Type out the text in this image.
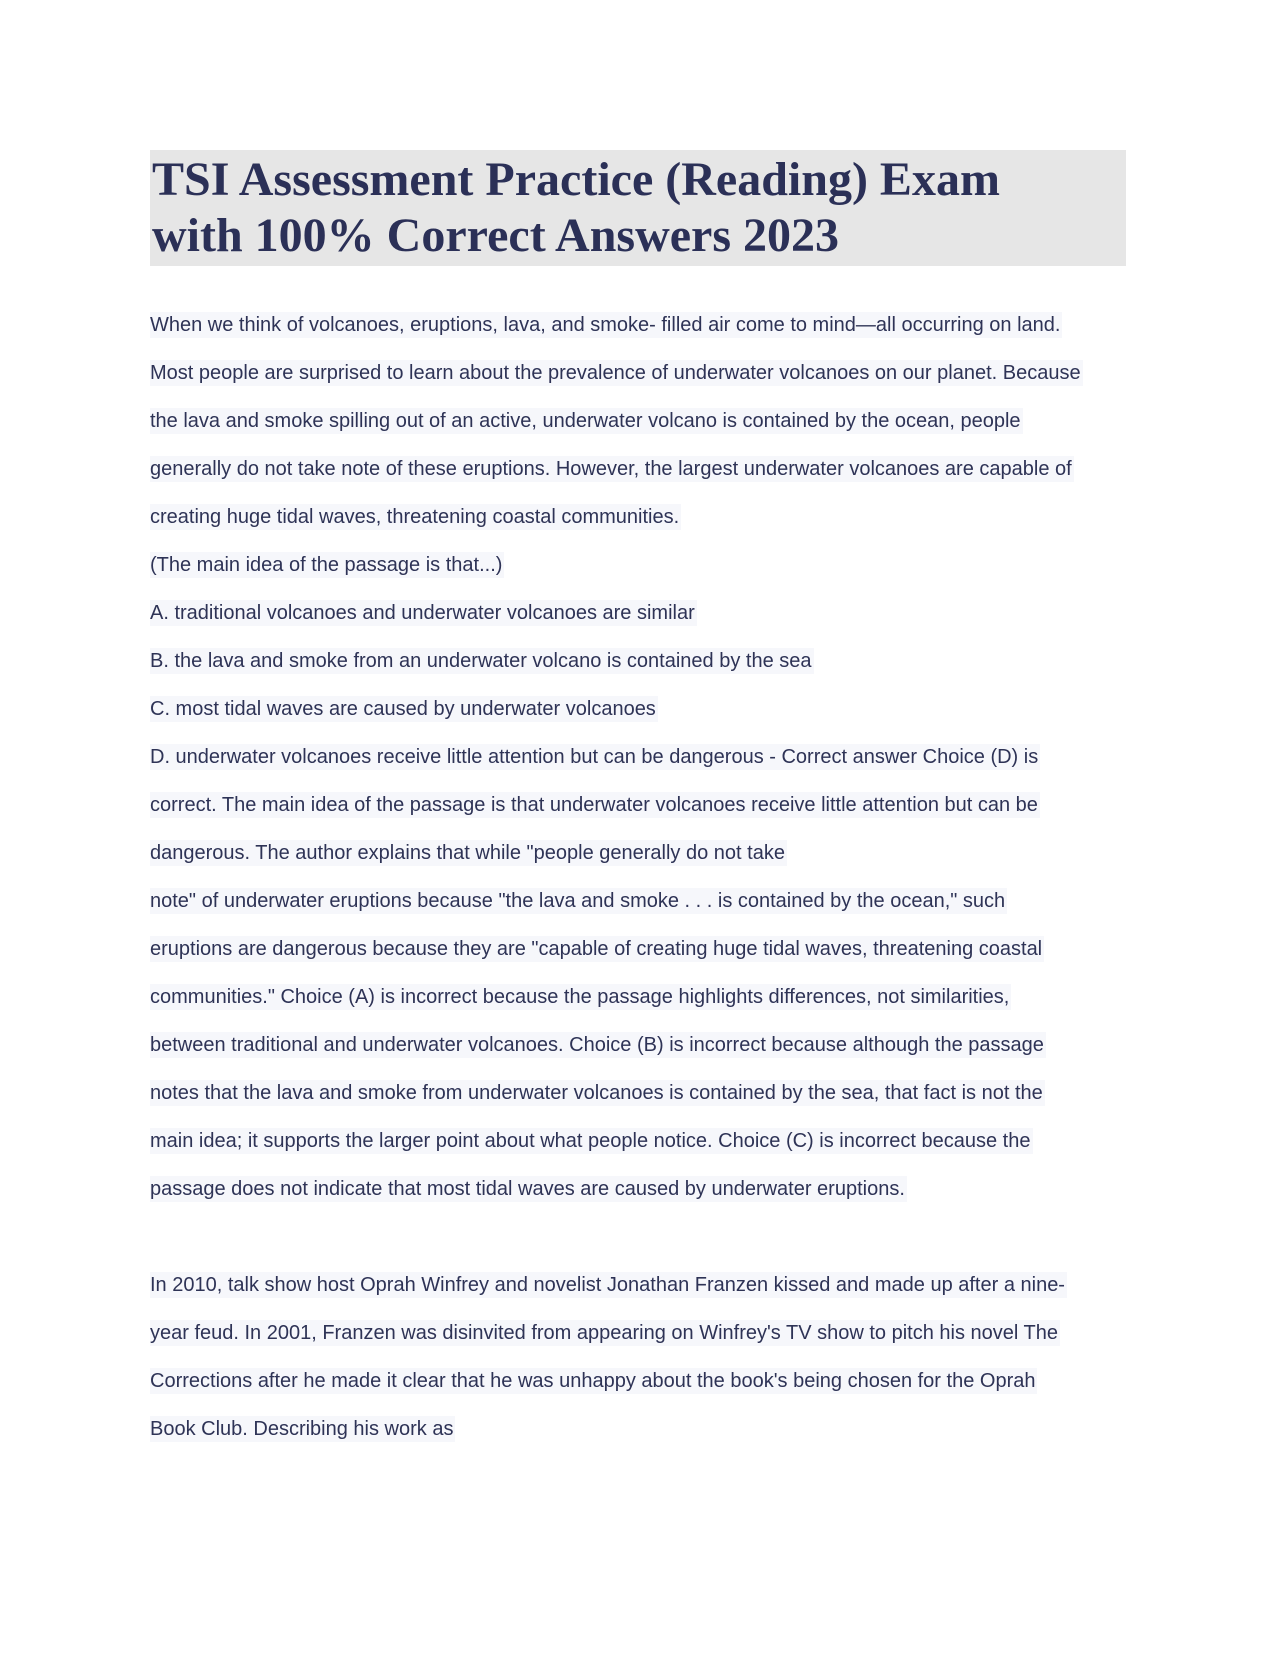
TSI Assessment Practice (Reading) Exam
with 100% Correct Answers 2023
When we think of volcanoes, eruptions, lava, and smoke- filled air come to mind—all occurring on land.
Most people are surprised to learn about the prevalence of underwater volcanoes on our planet. Because
the lava and smoke spilling out of an active, underwater volcano is contained by the ocean, people
generally do not take note of these eruptions. However, the largest underwater volcanoes are capable of
creating huge tidal waves, threatening coastal communities.
(The main idea of the passage is that...)
A. traditional volcanoes and underwater volcanoes are similar
B. the lava and smoke from an underwater volcano is contained by the sea
C. most tidal waves are caused by underwater volcanoes
D. underwater volcanoes receive little attention but can be dangerous - Correct answer Choice (D) is
correct. The main idea of the passage is that underwater volcanoes receive little attention but can be
dangerous. The author explains that while "people generally do not take
note" of underwater eruptions because "the lava and smoke . . . is contained by the ocean," such
eruptions are dangerous because they are "capable of creating huge tidal waves, threatening coastal
communities." Choice (A) is incorrect because the passage highlights differences, not similarities,
between traditional and underwater volcanoes. Choice (B) is incorrect because although the passage
notes that the lava and smoke from underwater volcanoes is contained by the sea, that fact is not the
main idea; it supports the larger point about what people notice. Choice (C) is incorrect because the
passage does not indicate that most tidal waves are caused by underwater eruptions.
In 2010, talk show host Oprah Winfrey and novelist Jonathan Franzen kissed and made up after a nine-
year feud. In 2001, Franzen was disinvited from appearing on Winfrey's TV show to pitch his novel The
Corrections after he made it clear that he was unhappy about the book's being chosen for the Oprah
Book Club. Describing his work as
